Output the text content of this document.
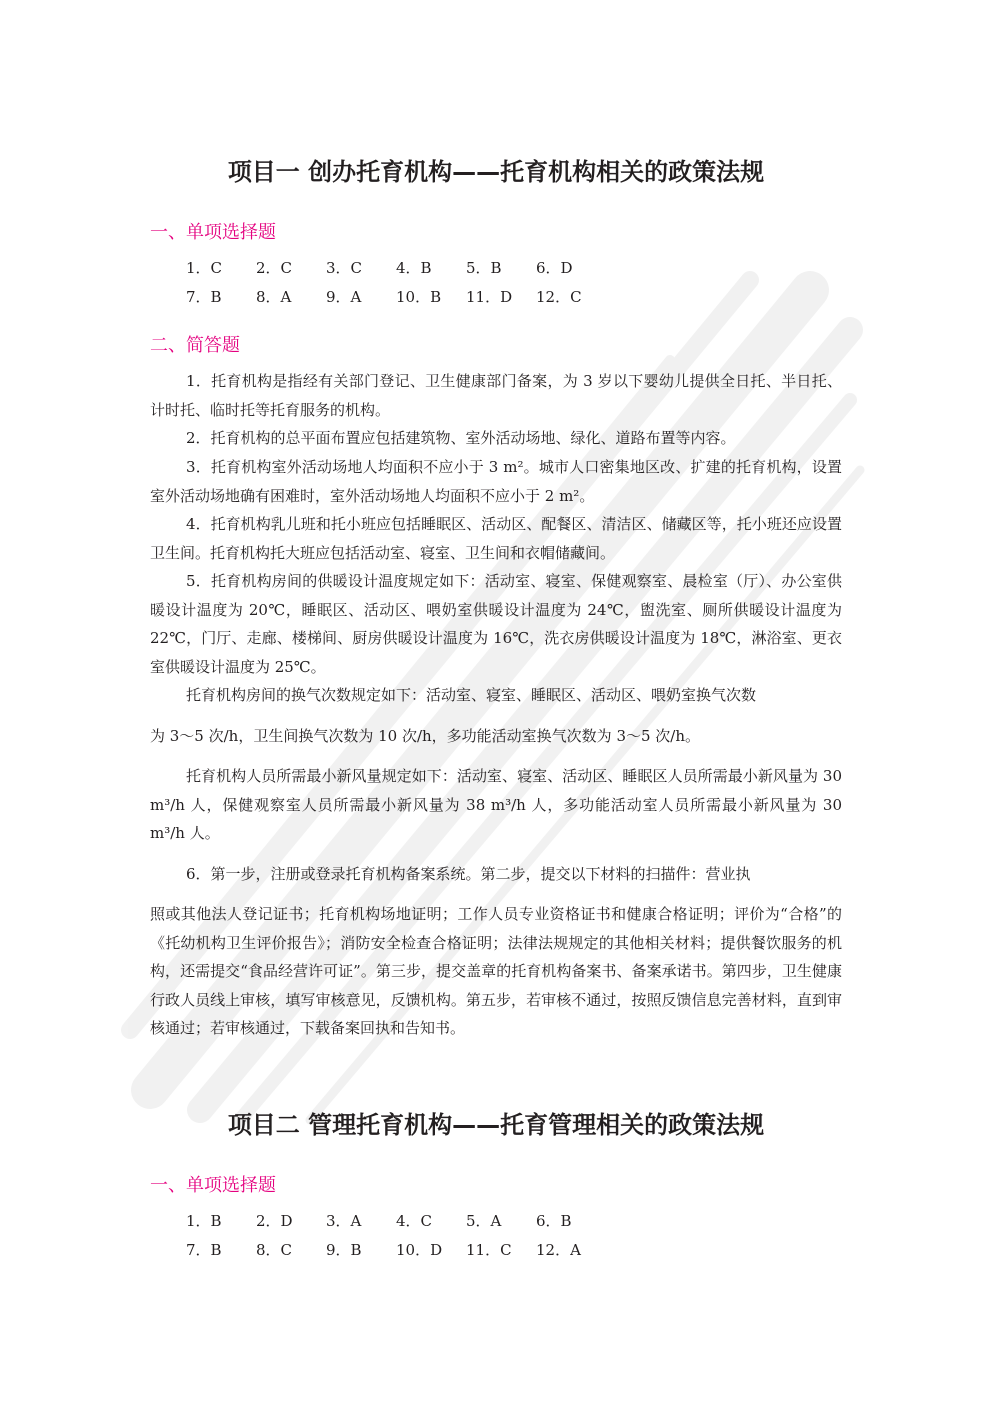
项目一 创办托育机构——托育机构相关的政策法规
一、单项选择题
1．C	2．C	3．C	4．B	5．B	6．D
7．B	8．A	9．A	10．B	11．D	12．C
二、简答题

1．托育机构是指经有关部门登记、卫生健康部门备案，为 3 岁以下婴幼儿提供全日托、半日托、计时托、临时托等托育服务的机构。

2．托育机构的总平面布置应包括建筑物、室外活动场地、绿化、道路布置等内容。

3．托育机构室外活动场地人均面积不应小于 3 m²。城市人口密集地区改、扩建的托育机构，设置室外活动场地确有困难时，室外活动场地人均面积不应小于 2 m²。

4．托育机构乳儿班和托小班应包括睡眠区、活动区、配餐区、清洁区、储藏区等，托小班还应设置卫生间。托育机构托大班应包括活动室、寝室、卫生间和衣帽储藏间。

5．托育机构房间的供暖设计温度规定如下：活动室、寝室、保健观察室、晨检室（厅）、办公室供暖设计温度为 20℃，睡眠区、活动区、喂奶室供暖设计温度为 24℃，盥洗室、厕所供暖设计温度为 22℃，门厅、走廊、楼梯间、厨房供暖设计温度为 16℃，洗衣房供暖设计温度为 18℃，淋浴室、更衣室供暖设计温度为 25℃。

托育机构房间的换气次数规定如下：活动室、寝室、睡眠区、活动区、喂奶室换气次数

为 3～5 次/h，卫生间换气次数为 10 次/h，多功能活动室换气次数为 3～5 次/h。

托育机构人员所需最小新风量规定如下：活动室、寝室、活动区、睡眠区人员所需最小新风量为 30 m³/h 人，保健观察室人员所需最小新风量为 38 m³/h 人，多功能活动室人员所需最小新风量为 30 m³/h 人。

6．第一步，注册或登录托育机构备案系统。第二步，提交以下材料的扫描件：营业执

照或其他法人登记证书；托育机构场地证明；工作人员专业资格证书和健康合格证明；评价为“合格”的《托幼机构卫生评价报告》；消防安全检查合格证明；法律法规规定的其他相关材料；提供餐饮服务的机构，还需提交“食品经营许可证”。第三步，提交盖章的托育机构备案书、备案承诺书。第四步，卫生健康行政人员线上审核，填写审核意见，反馈机构。第五步，若审核不通过，按照反馈信息完善材料，直到审核通过；若审核通过，下载备案回执和告知书。

项目二 管理托育机构——托育管理相关的政策法规
一、单项选择题
1．B	2．D	3．A	4．C	5．A	6．B
7．B	8．C	9．B	10．D	11．C	12．A
